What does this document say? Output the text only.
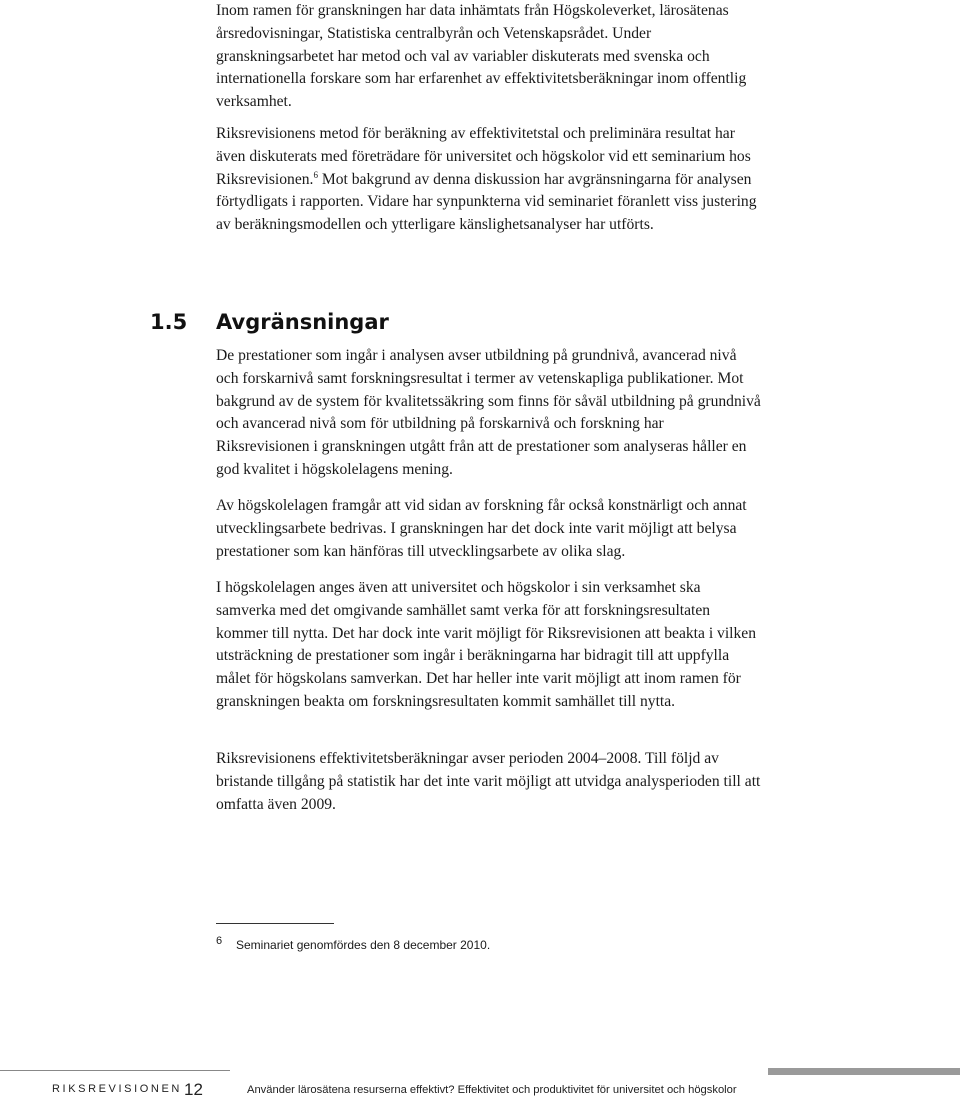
Inom ramen för granskningen har data inhämtats från Högskoleverket, lärosätenas årsredovisningar, Statistiska centralbyrån och Vetenskapsrådet. Under granskningsarbetet har metod och val av variabler diskuterats med svenska och internationella forskare som har erfarenhet av effektivitetsberäkningar inom offentlig verksamhet.

Riksrevisionens metod för beräkning av effektivitetstal och preliminära resultat har även diskuterats med företrädare för universitet och högskolor vid ett seminarium hos Riksrevisionen.$^6$ Mot bakgrund av denna diskussion har avgränsningarna för analysen förtydligats i rapporten. Vidare har synpunkterna vid seminariet föranlett viss justering av beräkningsmodellen och ytterligare känslighetsanalyser har utförts.

1.5 Avgränsningar

De prestationer som ingår i analysen avser utbildning på grundnivå, avancerad nivå och forskarnivå samt forskningsresultat i termer av vetenskapliga publikationer. Mot bakgrund av de system för kvalitetssäkring som finns för såväl utbildning på grundnivå och avancerad nivå som för utbildning på forskarnivå och forskning har Riksrevisionen i granskningen utgått från att de prestationer som analyseras håller en god kvalitet i högskolelagens mening.

Av högskolelagen framgår att vid sidan av forskning får också konstnärligt och annat utvecklingsarbete bedrivas. I granskningen har det dock inte varit möjligt att belysa prestationer som kan hänföras till utvecklingsarbete av olika slag.

I högskolelagen anges även att universitet och högskolor i sin verksamhet ska samverka med det omgivande samhället samt verka för att forskningsresultaten kommer till nytta. Det har dock inte varit möjligt för Riksrevisionen att beakta i vilken utsträckning de prestationer som ingår i beräkningarna har bidragit till att uppfylla målet för högskolans samverkan. Det har heller inte varit möjligt att inom ramen för granskningen beakta om forskningsresultaten kommit samhället till nytta.

Riksrevisionens effektivitetsberäkningar avser perioden 2004–2008. Till följd av bristande tillgång på statistik har det inte varit möjligt att utvidga analysperioden till att omfatta även 2009.

6 Seminariet genomfördes den 8 december 2010.
RIKSREVISIONEN 12	Använder lärosätena resurserna effektivt? Effektivitet och produktivitet för universitet och högskolor
